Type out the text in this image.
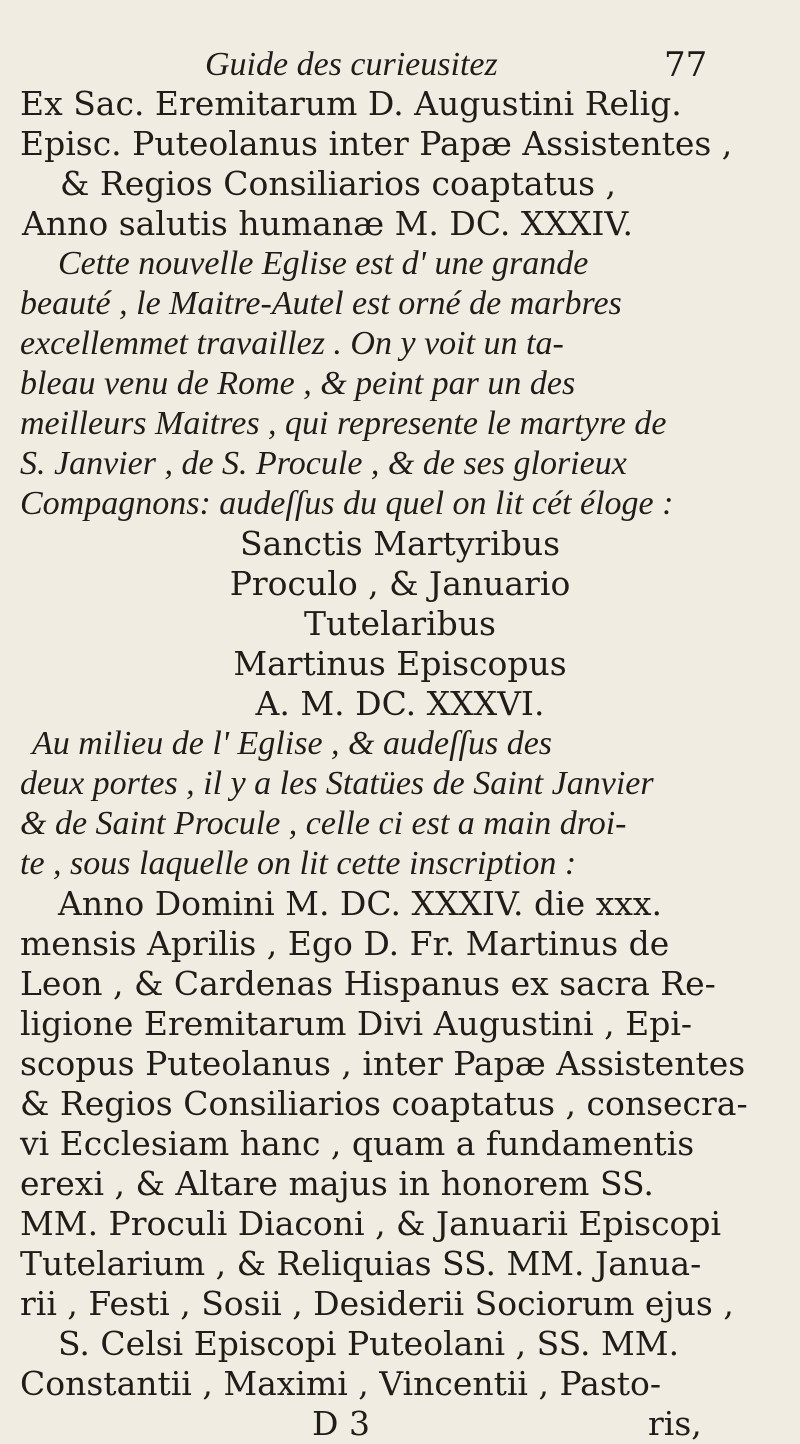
Guide des curieusitez	77
Ex Sac. Eremitarum D. Augustini Relig.
Episc. Puteolanus inter Papæ Assistentes ,
& Regios Consiliarios coaptatus ,
Anno salutis humanæ M. DC. XXXIV.
Cette nouvelle Eglise est d' une grande
beauté , le Maitre-Autel est orné de marbres
excellemmet travaillez . On y voit un ta-
bleau venu de Rome , & peint par un des
meilleurs Maitres , qui represente le martyre de
S. Janvier , de S. Procule , & de ses glorieux
Compagnons: audeſſus du quel on lit cét éloge :
Sanctis Martyribus
Proculo , & Januario
Tutelaribus
Martinus Episcopus
A. M. DC. XXXVI.
Au milieu de l' Eglise , & audeſſus des
deux portes , il y a les Statües de Saint Janvier
& de Saint Procule , celle ci est a main droi-
te , sous laquelle on lit cette inscription :
Anno Domini M. DC. XXXIV. die xxx.
mensis Aprilis , Ego D. Fr. Martinus de
Leon , & Cardenas Hispanus ex sacra Re-
ligione Eremitarum Divi Augustini , Epi-
scopus Puteolanus , inter Papæ Assistentes
& Regios Consiliarios coaptatus , consecra-
vi Ecclesiam hanc , quam a fundamentis
erexi , & Altare majus in honorem SS.
MM. Proculi Diaconi , & Januarii Episcopi
Tutelarium , & Reliquias SS. MM. Janua-
rii , Festi , Sosii , Desiderii Sociorum ejus ,
S. Celsi Episcopi Puteolani , SS. MM.
Constantii , Maximi , Vincentii , Pasto-
D 3	ris,
